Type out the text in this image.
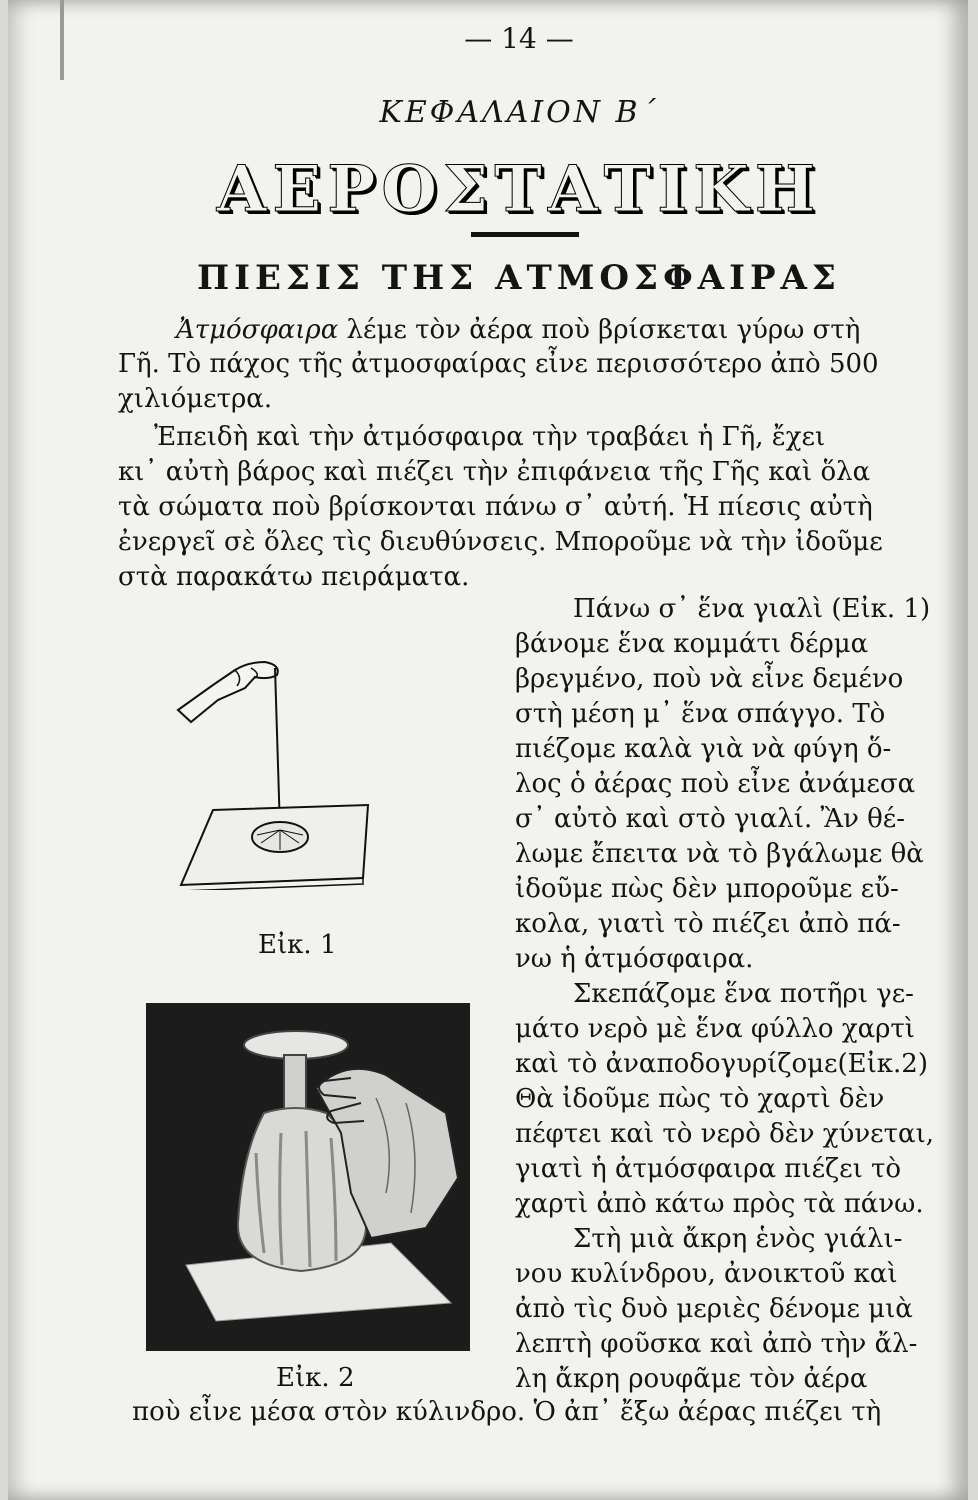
— 14 —
ΚΕΦΑΛΑΙΟΝ Β΄
ΑΕΡΟΣΤΑΤΙΚΗ
ΠΙΕΣΙΣ ΤΗΣ ΑΤΜΟΣΦΑΙΡΑΣ
Ἀτμόσφαιρα λέμε τὸν ἀέρα ποὺ βρίσκεται γύρω στὴ
Γῆ. Τὸ πάχος τῆς ἀτμοσφαίρας εἶνε περισσότερο ἀπὸ 500
χιλιόμετρα.
Ἐπειδὴ καὶ τὴν ἀτμόσφαιρα τὴν τραβάει ἡ Γῆ, ἔχει
κι᾽ αὐτὴ βάρος καὶ πιέζει τὴν ἐπιφάνεια τῆς Γῆς καὶ ὅλα
τὰ σώματα ποὺ βρίσκονται πάνω σ᾽ αὐτή. Ἡ πίεσις αὐτὴ
ἐνεργεῖ σὲ ὅλες τὶς διευθύνσεις. Μποροῦμε νὰ τὴν ἰδοῦμε
στὰ παρακάτω πειράματα.
Πάνω σ᾽ ἕνα γιαλὶ (Εἰκ. 1)
βάνομε ἕνα κομμάτι δέρμα
βρεγμένο, ποὺ νὰ εἶνε δεμένο
στὴ μέση μ᾽ ἕνα σπάγγο. Τὸ
πιέζομε καλὰ γιὰ νὰ φύγη ὅ-
λος ὁ ἀέρας ποὺ εἶνε ἀνάμεσα
σ᾽ αὐτὸ καὶ στὸ γιαλί. Ἂν θέ-
λωμε ἔπειτα νὰ τὸ βγάλωμε θὰ
ἰδοῦμε πὼς δὲν μποροῦμε εὔ-
κολα, γιατὶ τὸ πιέζει ἀπὸ πά-
νω ἡ ἀτμόσφαιρα.
Σκεπάζομε ἕνα ποτῆρι γε-
μάτο νερὸ μὲ ἕνα φύλλο χαρτὶ
καὶ τὸ ἀναποδογυρίζομε(Εἰκ.2)
Θὰ ἰδοῦμε πὼς τὸ χαρτὶ δὲν
πέφτει καὶ τὸ νερὸ δὲν χύνεται,
γιατὶ ἡ ἀτμόσφαιρα πιέζει τὸ
χαρτὶ ἀπὸ κάτω πρὸς τὰ πάνω.
Στὴ μιὰ ἄκρη ἑνὸς γιάλι-
νου κυλίνδρου, ἀνοικτοῦ καὶ
ἀπὸ τὶς δυὸ μεριὲς δένομε μιὰ
λεπτὴ φοῦσκα καὶ ἀπὸ τὴν ἄλ-
λη ἄκρη ρουφᾶμε τὸν ἀέρα
ποὺ εἶνε μέσα στὸν κύλινδρο. Ὁ ἀπ᾽ ἔξω ἀέρας πιέζει τὴ
Εἰκ. 1
Εἰκ. 2
